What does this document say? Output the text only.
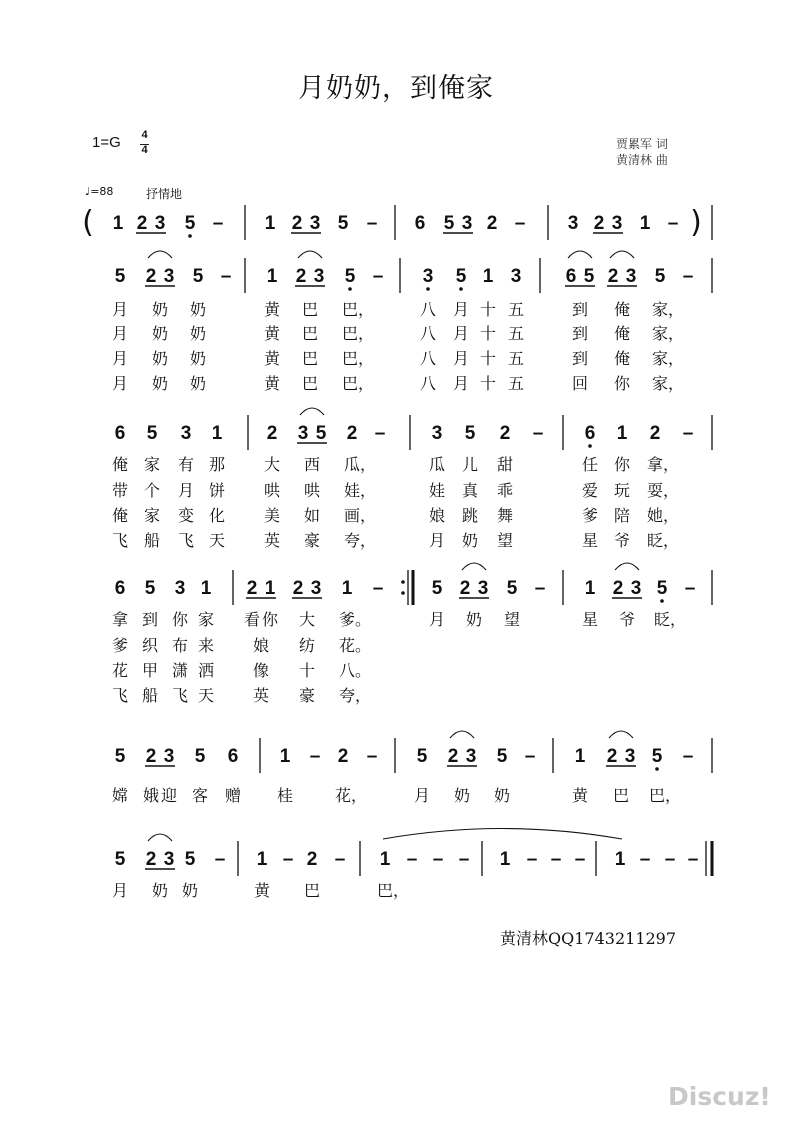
月奶奶，到俺家
1=G 4
4	贾累军 词
黄清林 曲
♩=88	抒情地
(	)
1 2 3 5 – 1 2 3 5 – 6 5 3 2 – 3 2 3 1 –
5 2 3 5 – 1 2 3 5 – 3 5 1 3 6 5 2 3 5 –
月 奶 奶	黄 巴 巴，	八 月 十 五	到 俺 家，
月 奶 奶	黄 巴 巴，	八 月 十 五	到 俺 家，
月 奶 奶	黄 巴 巴，	八 月 十 五	到 俺 家，
月 奶 奶	黄 巴 巴，	八 月 十 五	回 你 家，
6 5 3 1 2 3 5 2 – 3 5 2 – 6 1 2 –
俺 家 有 那 大 西 瓜，	瓜 儿 甜	任 你 拿，
带 个 月 饼 哄 哄 娃，	娃 真 乖	爱 玩 耍，
俺 家 变 化 美 如 画，	娘 跳 舞	爹 陪 她，
飞 船 飞 天 英 豪 夸，	月 奶 望	星 爷 眨，
6 5 3 1 2 1 2 3 1 –	5 2 3 5 – 1 2 3 5 –
拿 到 你 家 看 你 大 爹。	月 奶 望	星 爷 眨，
爹 织 布 来 娘 纺 花。
花 甲 潇 洒 像 十 八。
飞 船 飞 天 英 豪 夸，
5 2 3 5 6 1 – 2 – 5 2 3 5 – 1 2 3 5 –
嫦 娥 迎 客 赠 桂	花，	月 奶 奶	黄 巴 巴，
5 2 3 5 – 1 – 2 – 1 – – – 1 – – – 1 – – –
月 奶 奶	黄 巴	巴，
黄清林QQ1743211297
Discuz!
